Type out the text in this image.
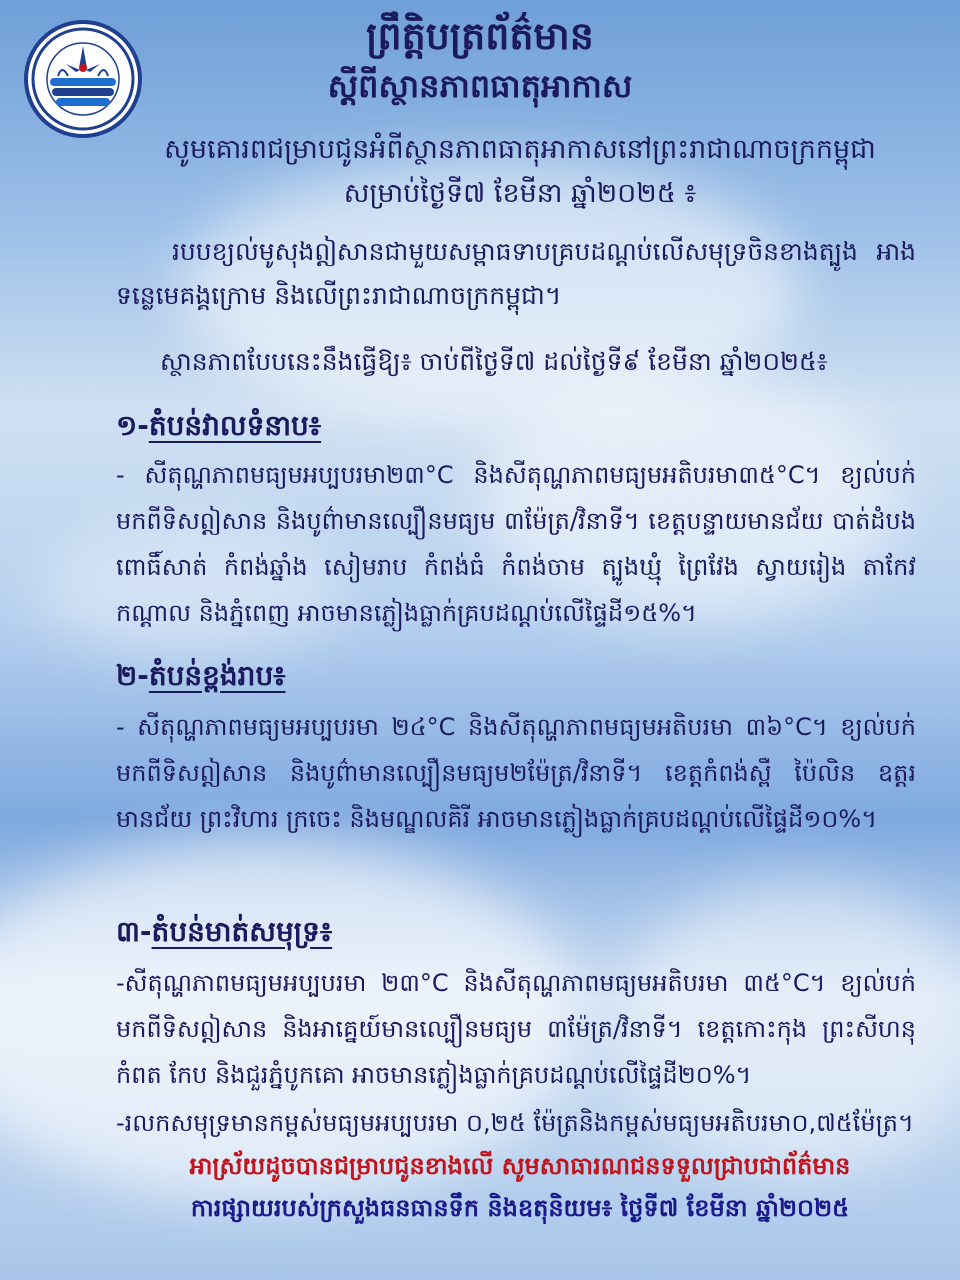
ព្រឹត្តិបត្រព័ត៌មាន
ស្តីពីស្ថានភាពធាតុអាកាស
សូមគោរពជម្រាបជូនអំពីស្ថានភាពធាតុអាកាសនៅព្រះរាជាណាចក្រកម្ពុជា
សម្រាប់ថ្ងៃទី៧ ខែមីនា ឆ្នាំ២០២៥ ៖

របបខ្យល់មូសុងឦសានជាមួយសម្ពាធទាបគ្របដណ្តប់លើសមុទ្រចិនខាងត្បូង អាងទន្លេមេគង្គក្រោម និងលើព្រះរាជាណាចក្រកម្ពុជា។

ស្ថានភាពបែបនេះនឹងធ្វើឱ្យ៖ ចាប់ពីថ្ងៃទី៧ ដល់ថ្ងៃទី៩ ខែមីនា ឆ្នាំ២០២៥៖

១-តំបន់វាលទំនាប៖

- សីតុណ្ហភាពមធ្យមអប្បបរមា២៣°C និងសីតុណ្ហភាពមធ្យមអតិបរមា៣៥°C។ ខ្យល់បក់មកពីទិសឦសាន និងបូព៌ាមានល្បឿនមធ្យម ៣ម៉ែត្រ/វិនាទី។ ខេត្តបន្ទាយមានជ័យ បាត់ដំបង ពោធិ៍សាត់ កំពង់ឆ្នាំង សៀមរាប កំពង់ធំ កំពង់ចាម ត្បូងឃ្មុំ ព្រៃវែង ស្វាយរៀង តាកែវ កណ្តាល និងភ្នំពេញ អាចមានភ្លៀងធ្លាក់គ្របដណ្តប់លើផ្ទៃដី១៥%។

២-តំបន់ខ្ពង់រាប៖

- សីតុណ្ហភាពមធ្យមអប្បបរមា ២៤°C និងសីតុណ្ហភាពមធ្យមអតិបរមា ៣៦°C។ ខ្យល់បក់មកពីទិសឦសាន និងបូព៌ាមានល្បឿនមធ្យម២ម៉ែត្រ/វិនាទី។ ខេត្តកំពង់ស្ពឺ ប៉ៃលិន ឧត្តរមានជ័យ ព្រះវិហារ ក្រចេះ និងមណ្ឌលគិរី អាចមានភ្លៀងធ្លាក់គ្របដណ្តប់លើផ្ទៃដី១០%។

៣-តំបន់មាត់សមុទ្រ៖

-សីតុណ្ហភាពមធ្យមអប្បបរមា ២៣°C និងសីតុណ្ហភាពមធ្យមអតិបរមា ៣៥°C។ ខ្យល់បក់មកពីទិសឦសាន និងអាគ្នេយ៍មានល្បឿនមធ្យម ៣ម៉ែត្រ/វិនាទី។ ខេត្តកោះកុង ព្រះសីហនុ កំពត កែប និងជួរភ្នំបូកគោ អាចមានភ្លៀងធ្លាក់គ្របដណ្តប់លើផ្ទៃដី២០%។

-រលកសមុទ្រមានកម្ពស់មធ្យមអប្បបរមា ០,២៥ ម៉ែត្រនិងកម្ពស់មធ្យមអតិបរមា០,៧៥ម៉ែត្រ។

អាស្រ័យដូចបានជម្រាបជូនខាងលើ សូមសាធារណជនទទួលជ្រាបជាព័ត៌មាន
ការផ្សាយរបស់ក្រសួងធនធានទឹក និងឧតុនិយម៖ ថ្ងៃទី៧ ខែមីនា ឆ្នាំ២០២៥
